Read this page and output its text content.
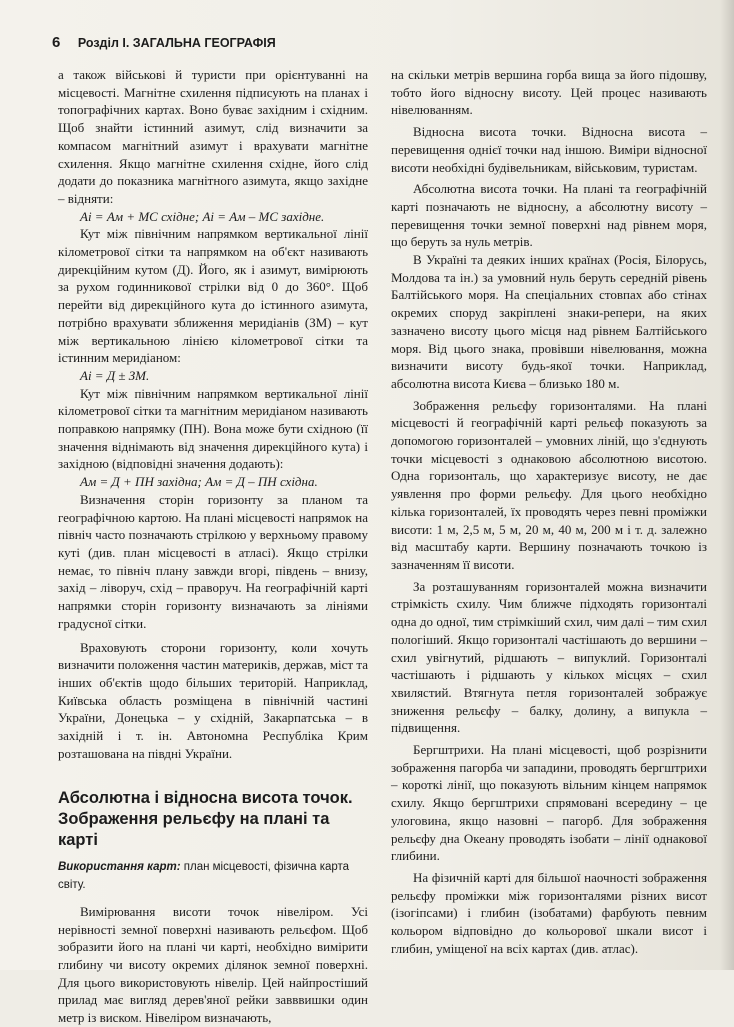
6 Розділ І. ЗАГАЛЬНА ГЕОГРАФІЯ

а також військові й туристи при орієнтуванні на місцевості. Магнітне схилення підписують на планах і топографічних картах. Воно буває західним і східним. Щоб знайти істинний азимут, слід визначити за компасом магнітний азимут і врахувати магнітне схилення. Якщо магнітне схилення східне, його слід додати до показника магнітного азимута, якщо західне – відняти:

Аі = Ам + МС східне; Аі = Ам – МС західне.

Кут між північним напрямком вертикальної лінії кілометрової сітки та напрямком на об'єкт називають дирекційним кутом (Д). Його, як і азимут, вимірюють за рухом годинникової стрілки від 0 до 360°. Щоб перейти від дирекційного кута до істинного азимута, потрібно врахувати зближення меридіанів (ЗМ) – кут між вертикальною лінією кілометрової сітки та істинним меридіаном:

Аі = Д ± ЗМ.

Кут між північним напрямком вертикальної лінії кілометрової сітки та магнітним меридіаном називають поправкою напрямку (ПН). Вона може бути східною (її значення віднімають від значення дирекційного кута) і західною (відповідні значення додають):

Ам = Д + ПН західна; Ам = Д – ПН східна.

Визначення сторін горизонту за планом та географічною картою. На плані місцевості напрямок на північ часто позначають стрілкою у верхньому правому куті (див. план місцевості в атласі). Якщо стрілки немає, то північ плану завжди вгорі, південь – внизу, захід – ліворуч, схід – праворуч. На географічній карті напрямки сторін горизонту визначають за лініями градусної сітки.

Враховують сторони горизонту, коли хочуть визначити положення частин материків, держав, міст та інших об'єктів щодо більших територій. Наприклад, Київська область розміщена в північній частині України, Донецька – у східній, Закарпатська – в західній і т. ін. Автономна Республіка Крим розташована на півдні України.

Абсолютна і відносна висота точок. Зображення рельєфу на плані та карті

Використання карт: план місцевості, фізична карта світу.

Вимірювання висоти точок нівеліром. Усі нерівності земної поверхні називають рельєфом. Щоб зобразити його на плані чи карті, необхідно вимірити глибину чи висоту окремих ділянок земної поверхні. Для цього використовують нівелір. Цей найпростіший прилад має вигляд дерев'яної рейки завввишки один метр із виском. Нівеліром визначають,

на скільки метрів вершина горба вища за його підошву, тобто його відносну висоту. Цей процес називають нівелюванням.

Відносна висота точки. Відносна висота – перевищення однієї точки над іншою. Виміри відносної висоти необхідні будівельникам, військовим, туристам.

Абсолютна висота точки. На плані та географічній карті позначають не відносну, а абсолютну висоту – перевищення точки земної поверхні над рівнем моря, що беруть за нуль метрів.

В Україні та деяких інших країнах (Росія, Білорусь, Молдова та ін.) за умовний нуль беруть середній рівень Балтійського моря. На спеціальних стовпах або стінах окремих споруд закріплені знаки-репери, на яких зазначено висоту цього місця над рівнем Балтійського моря. Від цього знака, провівши нівелювання, можна визначити висоту будь-якої точки. Наприклад, абсолютна висота Києва – близько 180 м.

Зображення рельєфу горизонталями. На плані місцевості й географічній карті рельєф показують за допомогою горизонталей – умовних ліній, що з'єднують точки місцевості з однаковою абсолютною висотою. Одна горизонталь, що характеризує висоту, не дає уявлення про форми рельєфу. Для цього необхідно кілька горизонталей, їх проводять через певні проміжки висоти: 1 м, 2,5 м, 5 м, 20 м, 40 м, 200 м і т. д. залежно від масштабу карти. Вершину позначають точкою із зазначенням її висоти.

За розташуванням горизонталей можна визначити стрімкість схилу. Чим ближче підходять горизонталі одна до одної, тим стрімкіший схил, чим далі – тим схил пологіший. Якщо горизонталі частішають до вершини – схил увігнутий, рідшають – випуклий. Горизонталі частішають і рідшають у кількох місцях – схил хвилястий. Втягнута петля горизонталей зображує зниження рельєфу – балку, долину, а випукла – підвищення.

Бергштрихи. На плані місцевості, щоб розрізнити зображення пагорба чи западини, проводять бергштрихи – короткі лінії, що показують вільним кінцем напрямок схилу. Якщо бергштрихи спрямовані всередину – це улоговина, якщо назовні – пагорб. Для зображення рельєфу дна Океану проводять ізобати – лінії однакової глибини.

На фізичній карті для більшої наочності зображення рельєфу проміжки між горизонталями різних висот (ізогіпсами) і глибин (ізобатами) фарбують певним кольором відповідно до кольорової шкали висот і глибин, уміщеної на всіх картах (див. атлас).
